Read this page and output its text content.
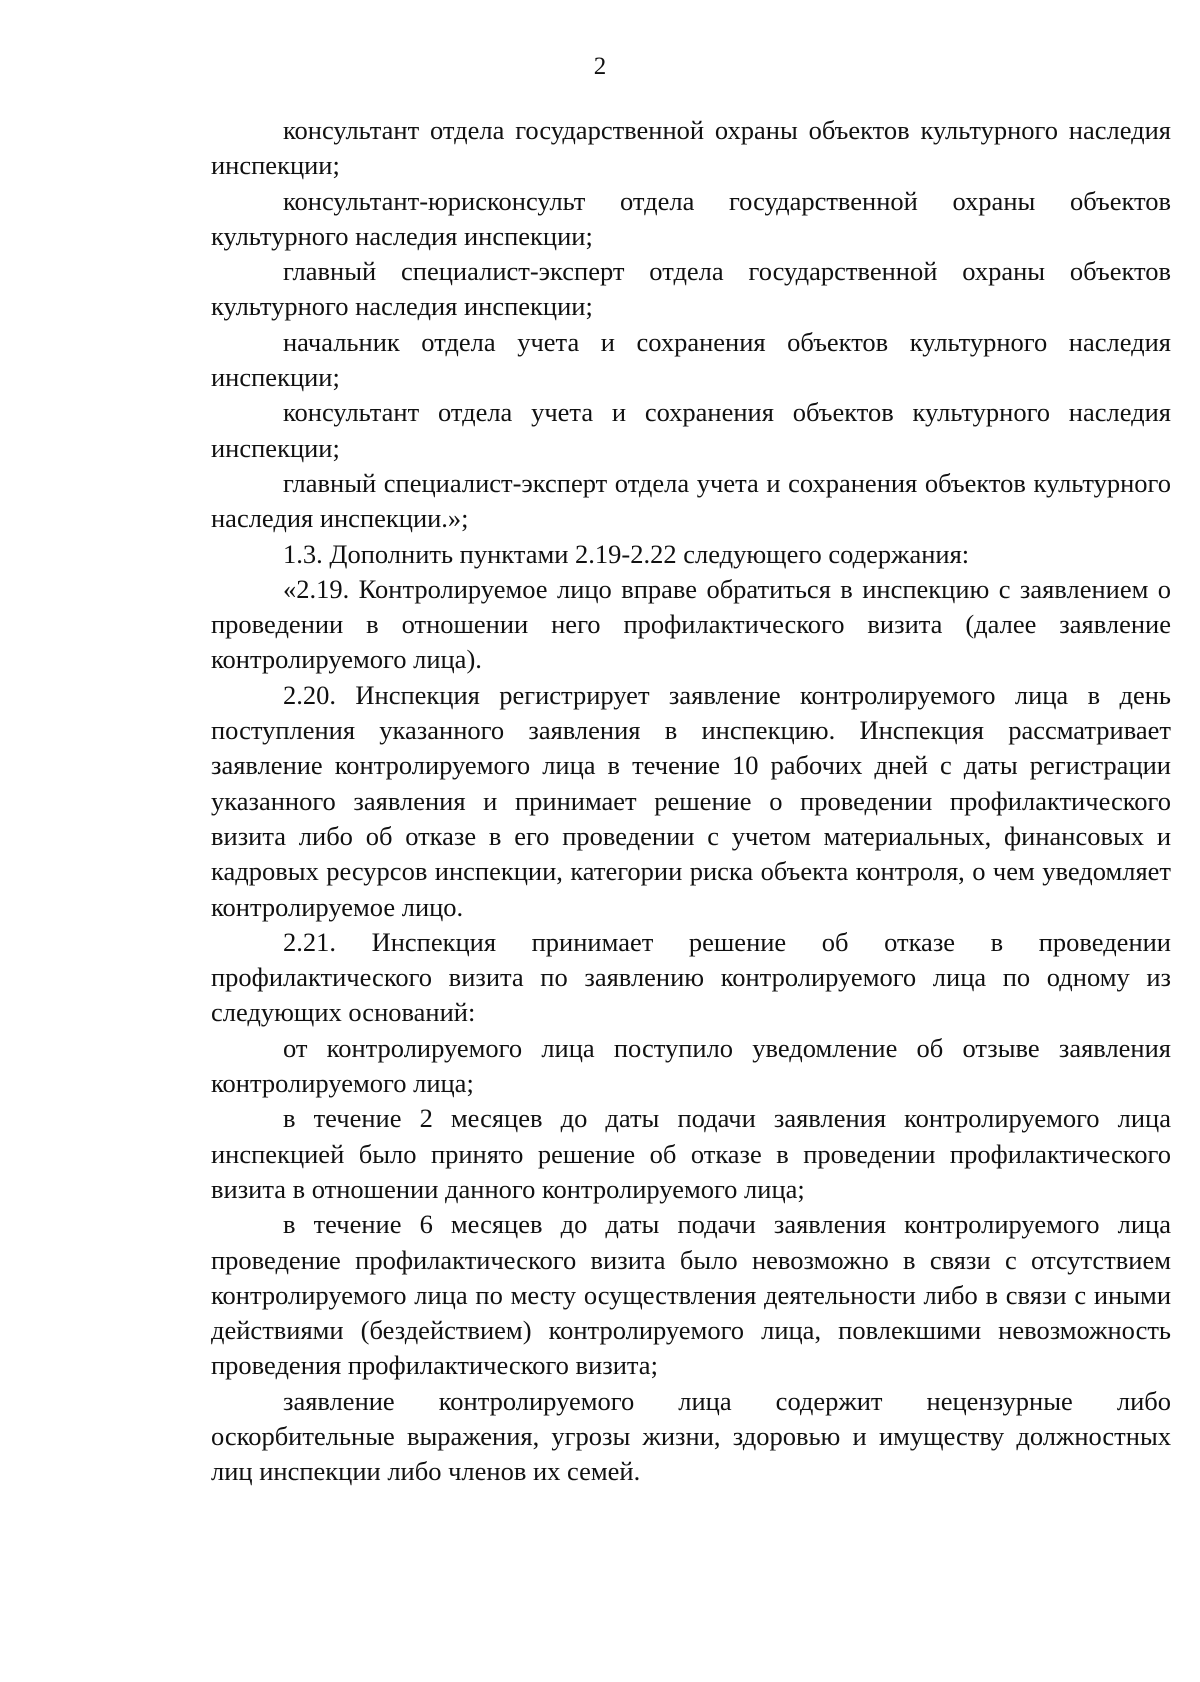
2

консультант отдела государственной охраны объектов культурного наследия инспекции;

консультант-юрисконсульт отдела государственной охраны объектов культурного наследия инспекции;

главный специалист-эксперт отдела государственной охраны объектов культурного наследия инспекции;

начальник отдела учета и сохранения объектов культурного наследия инспекции;

консультант отдела учета и сохранения объектов культурного наследия инспекции;

главный специалист-эксперт отдела учета и сохранения объектов культурного наследия инспекции.»;

1.3. Дополнить пунктами 2.19-2.22 следующего содержания:

«2.19. Контролируемое лицо вправе обратиться в инспекцию с заявлением о проведении в отношении него профилактического визита (далее заявление контролируемого лица).

2.20. Инспекция регистрирует заявление контролируемого лица в день поступления указанного заявления в инспекцию. Инспекция рассматривает заявление контролируемого лица в течение 10 рабочих дней с даты регистрации указанного заявления и принимает решение о проведении профилактического визита либо об отказе в его проведении с учетом материальных, финансовых и кадровых ресурсов инспекции, категории риска объекта контроля, о чем уведомляет контролируемое лицо.

2.21. Инспекция принимает решение об отказе в проведении профилактического визита по заявлению контролируемого лица по одному из следующих оснований:

от контролируемого лица поступило уведомление об отзыве заявления контролируемого лица;

в течение 2 месяцев до даты подачи заявления контролируемого лица инспекцией было принято решение об отказе в проведении профилактического визита в отношении данного контролируемого лица;

в течение 6 месяцев до даты подачи заявления контролируемого лица проведение профилактического визита было невозможно в связи с отсутствием контролируемого лица по месту осуществления деятельности либо в связи с иными действиями (бездействием) контролируемого лица, повлекшими невозможность проведения профилактического визита;

заявление контролируемого лица содержит нецензурные либо оскорбительные выражения, угрозы жизни, здоровью и имуществу должностных лиц инспекции либо членов их семей.
